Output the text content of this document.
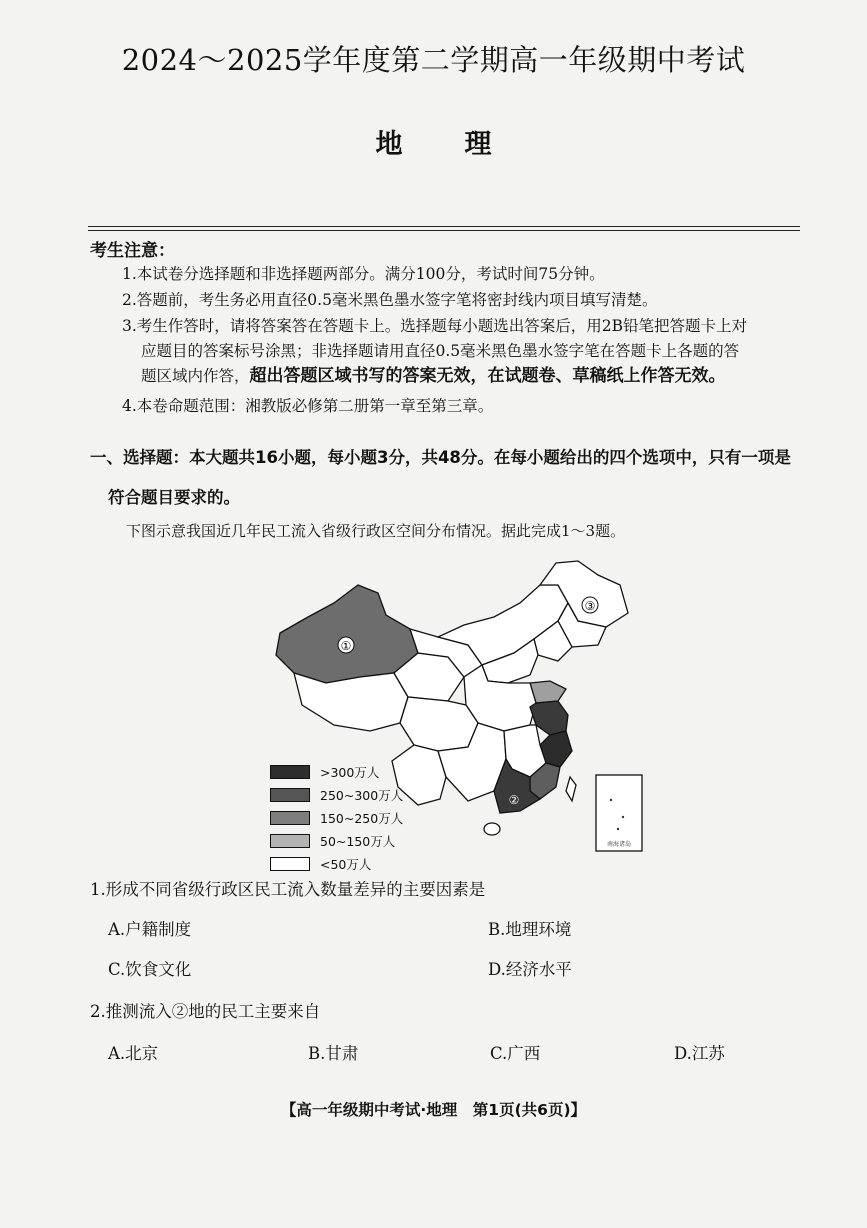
2024～2025学年度第二学期高一年级期中考试
地理
考生注意：
1.本试卷分选择题和非选择题两部分。满分100分，考试时间75分钟。
2.答题前，考生务必用直径0.5毫米黑色墨水签字笔将密封线内项目填写清楚。
3.考生作答时，请将答案答在答题卡上。选择题每小题选出答案后，用2B铅笔把答题卡上对
应题目的答案标号涂黑；非选择题请用直径0.5毫米黑色墨水签字笔在答题卡上各题的答
题区域内作答，超出答题区域书写的答案无效，在试题卷、草稿纸上作答无效。
4.本卷命题范围：湘教版必修第二册第一章至第三章。
一、选择题：本大题共16小题，每小题3分，共48分。在每小题给出的四个选项中，只有一项是
符合题目要求的。
下图示意我国近几年民工流入省级行政区空间分布情况。据此完成1～3题。
南海诸岛
①
②
③
>300万人
250~300万人
150~250万人
50~150万人
<50万人
1.形成不同省级行政区民工流入数量差异的主要因素是
A.户籍制度	B.地理环境
C.饮食文化	D.经济水平
2.推测流入②地的民工主要来自
A.北京	B.甘肃	C.广西	D.江苏
【高一年级期中考试·地理　第1页(共6页)】
